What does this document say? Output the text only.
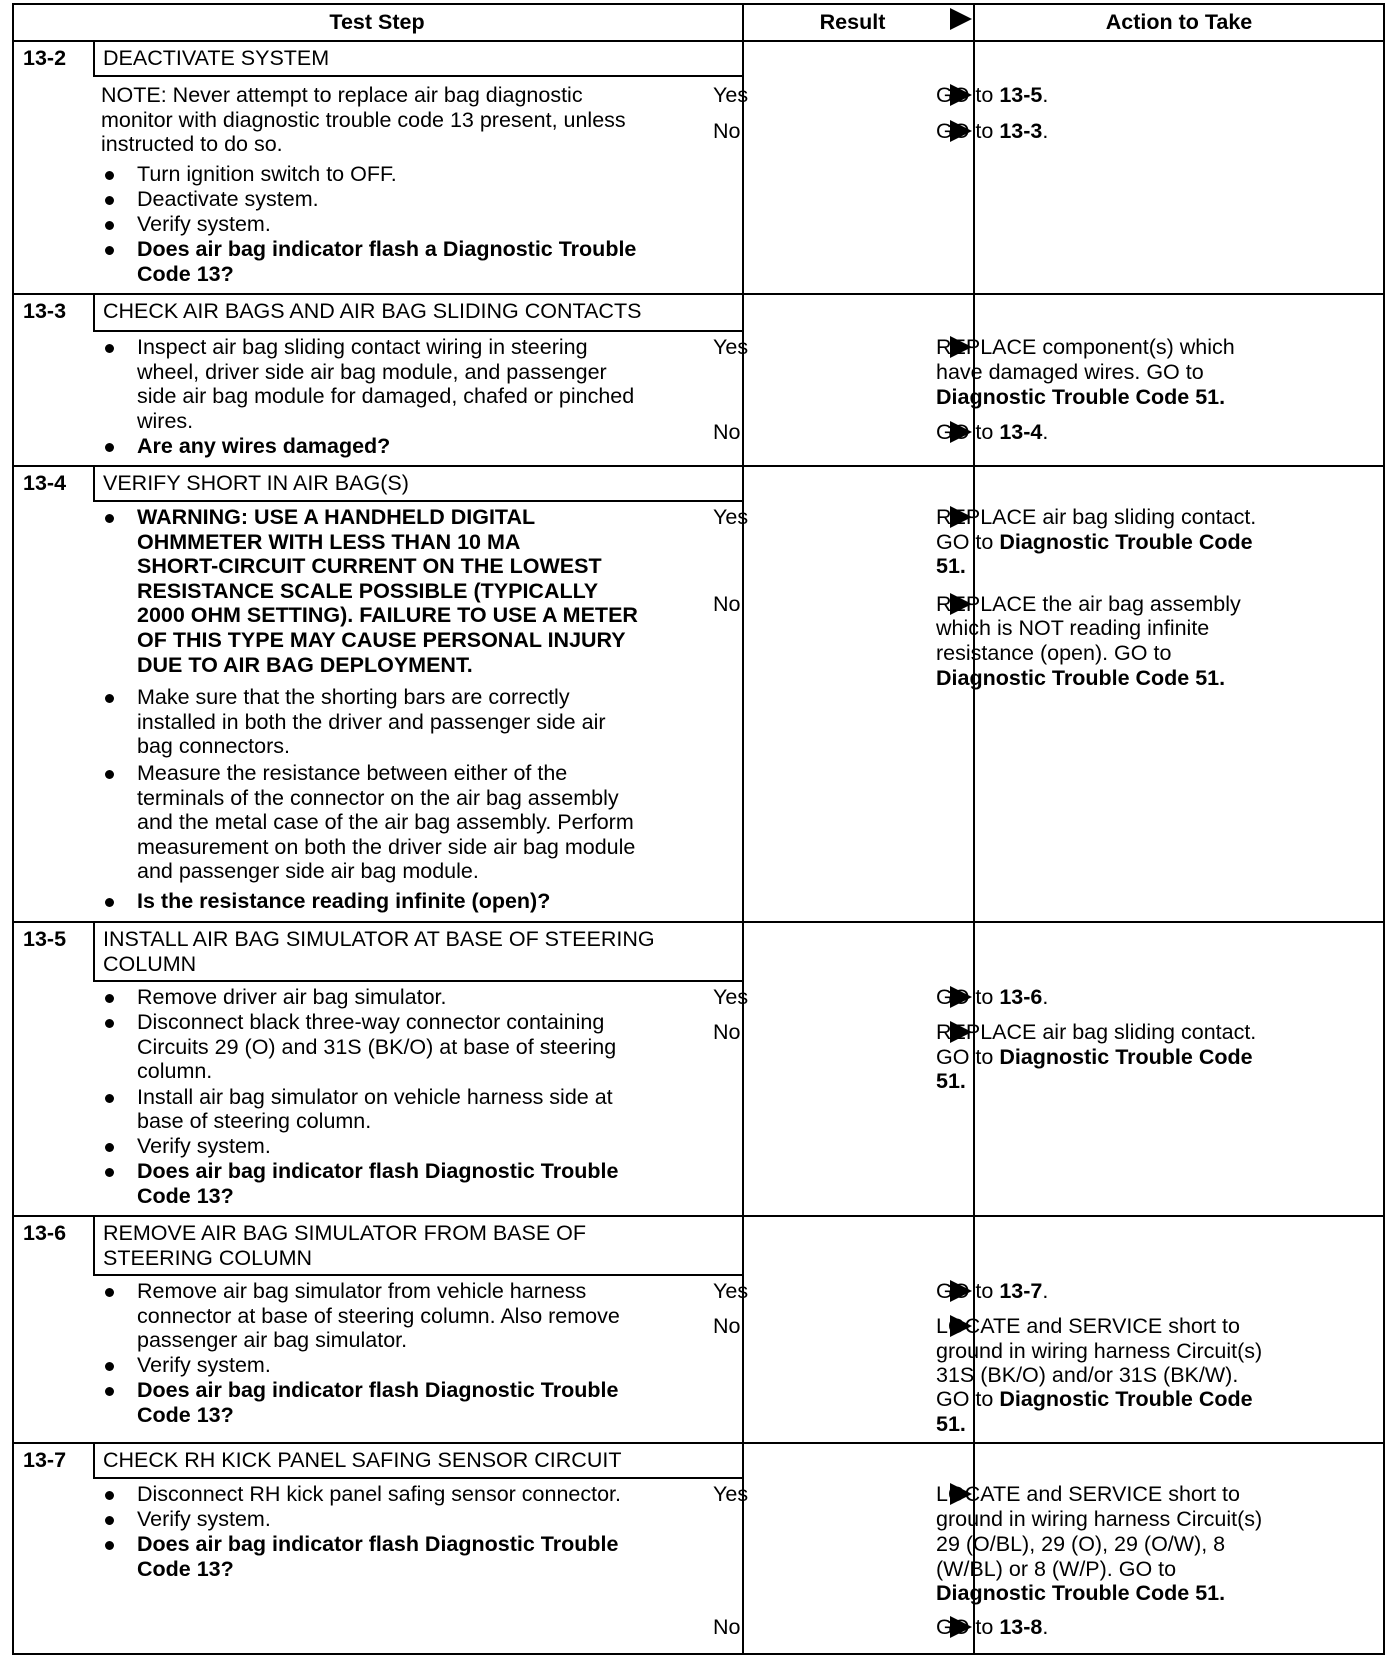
Test Step	Result	Action to Take
13-2 DEACTIVATE SYSTEM
NOTE: Never attempt to replace air bag diagnostic
monitor with diagnostic trouble code 13 present, unless
instructed to do so.
Turn ignition switch to OFF.
Deactivate system.
Verify system.
Does air bag indicator flash a Diagnostic Trouble
Code 13?
Yes	GO to 13-5.
No	GO to 13-3.
13-3 CHECK AIR BAGS AND AIR BAG SLIDING CONTACTS
Inspect air bag sliding contact wiring in steering
wheel, driver side air bag module, and passenger
side air bag module for damaged, chafed or pinched
wires.
Are any wires damaged?
Yes	REPLACE component(s) which
have damaged wires. GO to
Diagnostic Trouble Code 51.
No	GO to 13-4.
13-4 VERIFY SHORT IN AIR BAG(S)
WARNING: USE A HANDHELD DIGITAL
OHMMETER WITH LESS THAN 10 MA
SHORT-CIRCUIT CURRENT ON THE LOWEST
RESISTANCE SCALE POSSIBLE (TYPICALLY
2000 OHM SETTING). FAILURE TO USE A METER
OF THIS TYPE MAY CAUSE PERSONAL INJURY
DUE TO AIR BAG DEPLOYMENT.
Make sure that the shorting bars are correctly
installed in both the driver and passenger side air
bag connectors.
Measure the resistance between either of the
terminals of the connector on the air bag assembly
and the metal case of the air bag assembly. Perform
measurement on both the driver side air bag module
and passenger side air bag module.
Is the resistance reading infinite (open)?
Yes	REPLACE air bag sliding contact.
GO to Diagnostic Trouble Code
51.
No	REPLACE the air bag assembly
which is NOT reading infinite
resistance (open). GO to
Diagnostic Trouble Code 51.
13-5 INSTALL AIR BAG SIMULATOR AT BASE OF STEERING
COLUMN
Remove driver air bag simulator.
Disconnect black three-way connector containing
Circuits 29 (O) and 31S (BK/O) at base of steering
column.
Install air bag simulator on vehicle harness side at
base of steering column.
Verify system.
Does air bag indicator flash Diagnostic Trouble
Code 13?
Yes	GO to 13-6.
No	REPLACE air bag sliding contact.
GO to Diagnostic Trouble Code
51.
13-6 REMOVE AIR BAG SIMULATOR FROM BASE OF
STEERING COLUMN
Remove air bag simulator from vehicle harness
connector at base of steering column. Also remove
passenger air bag simulator.
Verify system.
Does air bag indicator flash Diagnostic Trouble
Code 13?
Yes	GO to 13-7.
No	LOCATE and SERVICE short to
ground in wiring harness Circuit(s)
31S (BK/O) and/or 31S (BK/W).
GO to Diagnostic Trouble Code
51.
13-7 CHECK RH KICK PANEL SAFING SENSOR CIRCUIT
Disconnect RH kick panel safing sensor connector.
Verify system.
Does air bag indicator flash Diagnostic Trouble
Code 13?
Yes	LOCATE and SERVICE short to
ground in wiring harness Circuit(s)
29 (O/BL), 29 (O), 29 (O/W), 8
(W/BL) or 8 (W/P). GO to
Diagnostic Trouble Code 51.
No	GO to 13-8.
